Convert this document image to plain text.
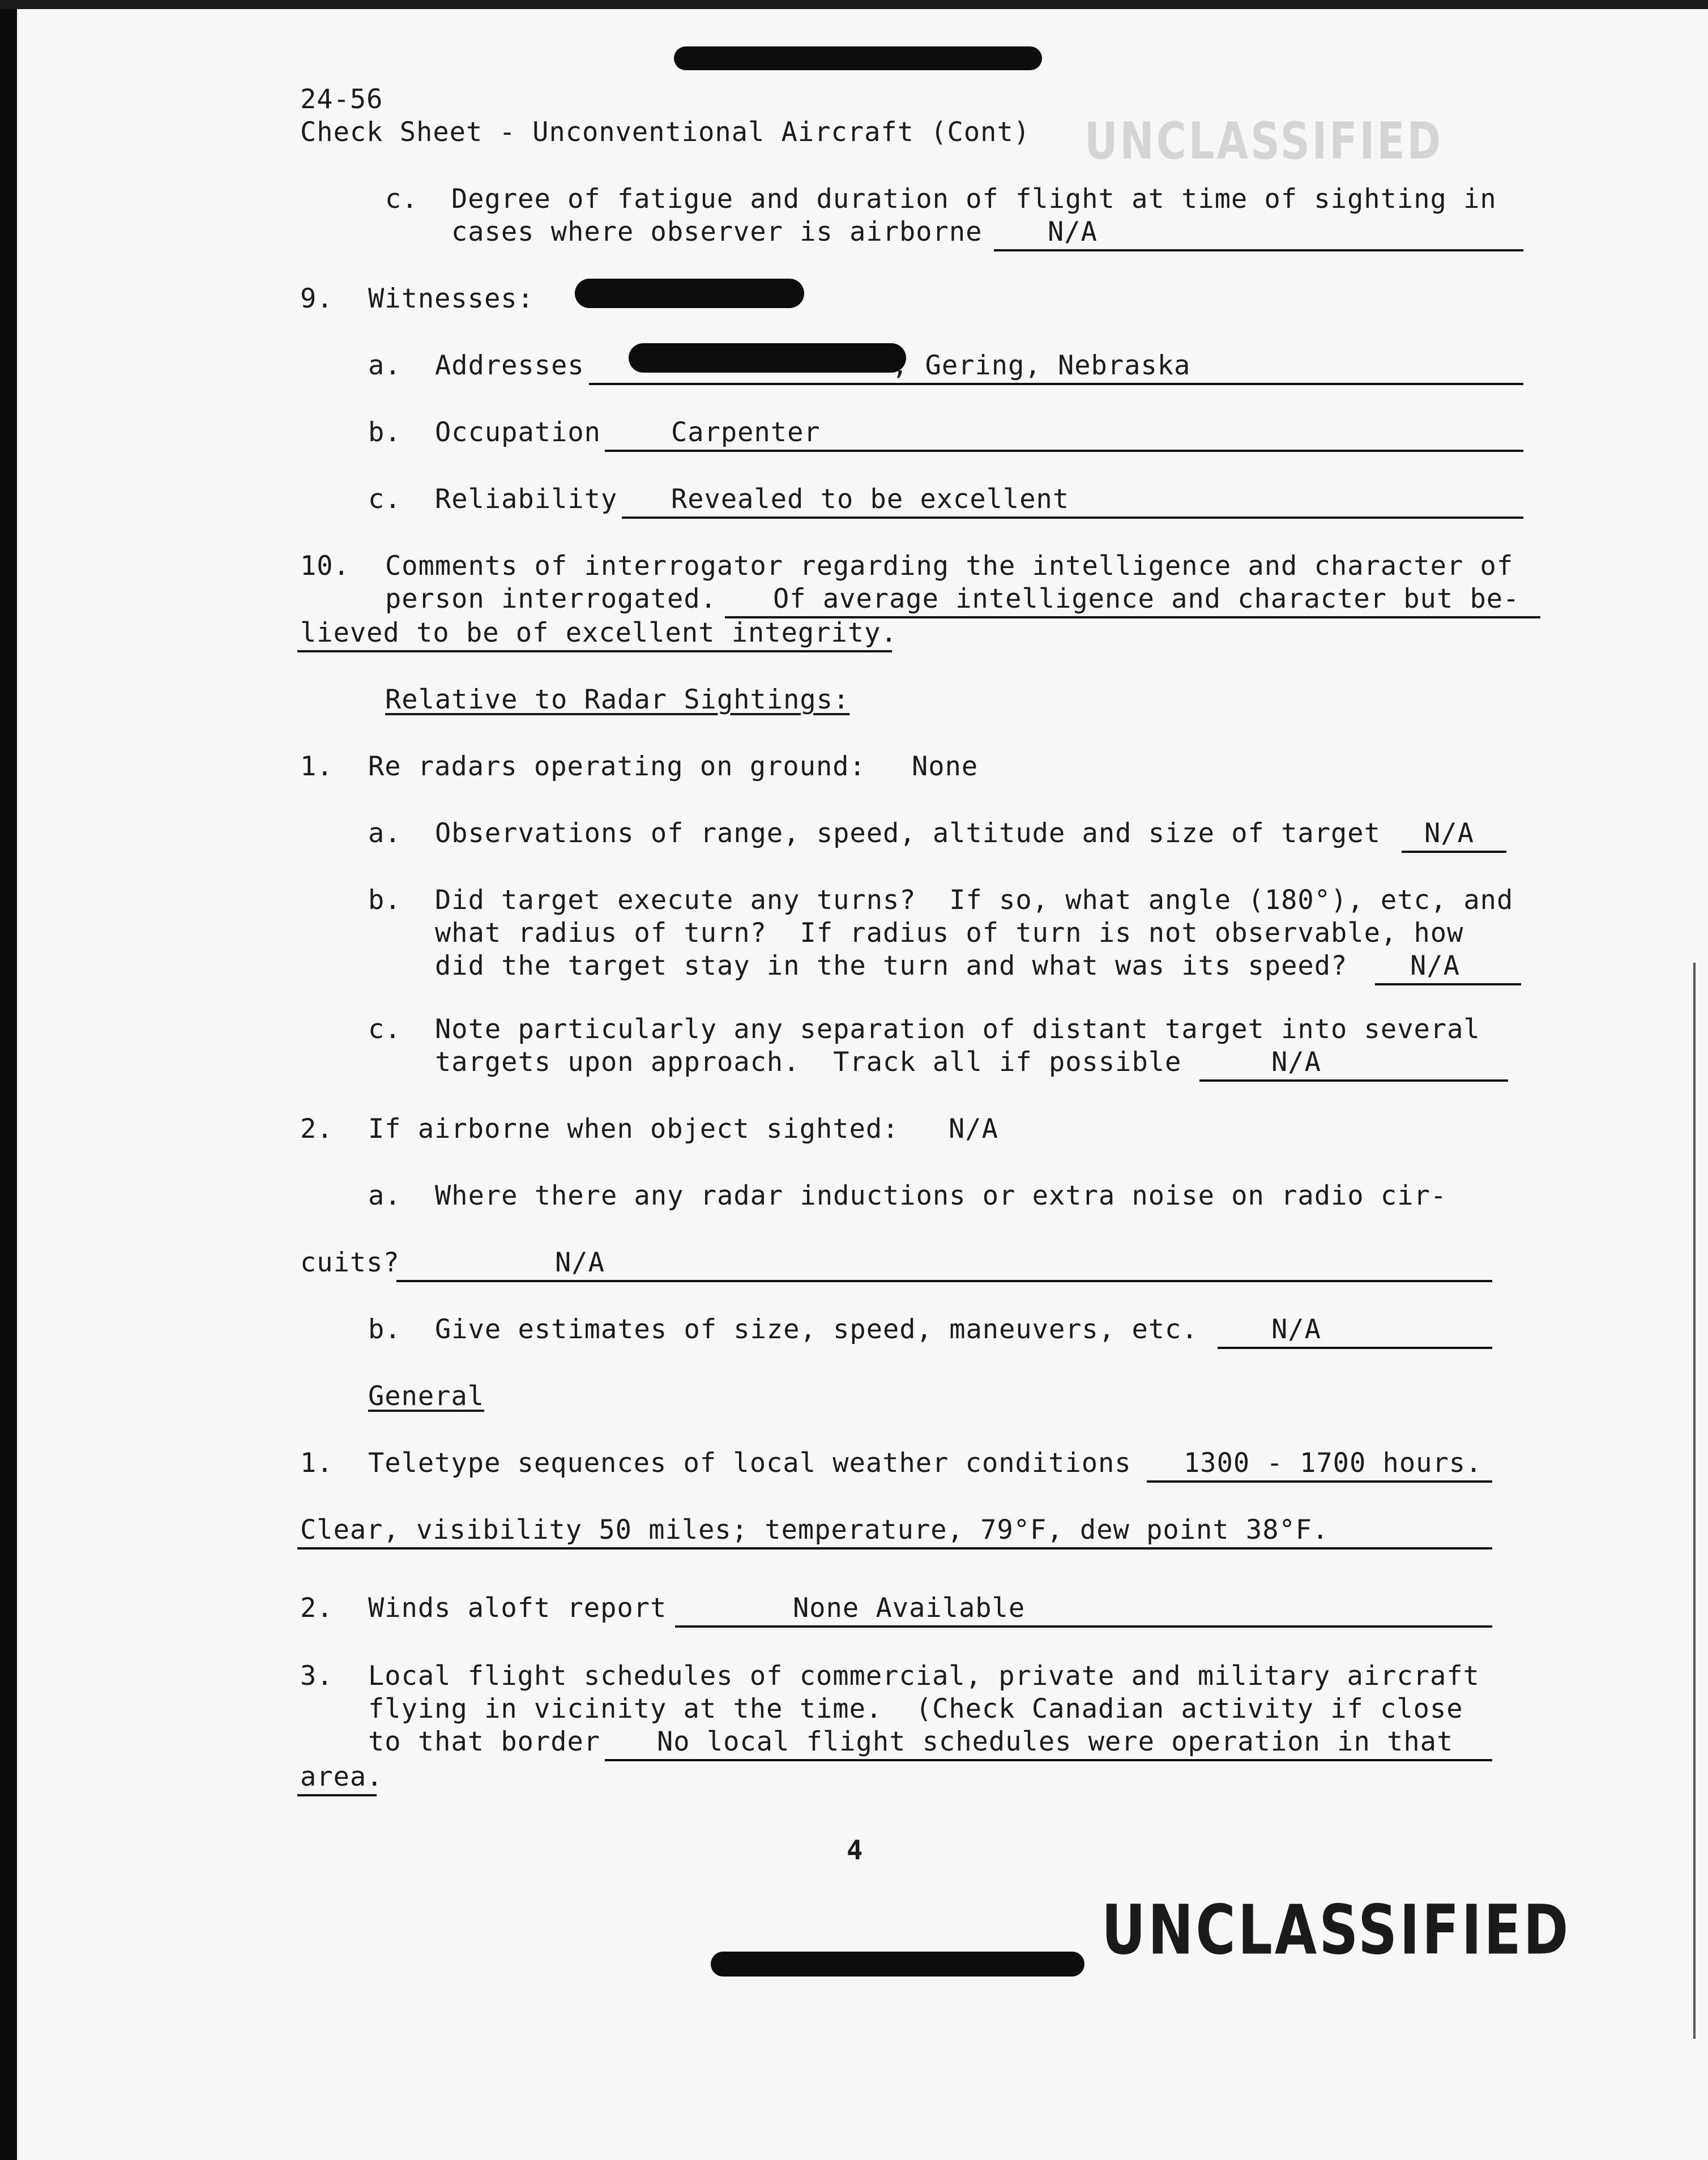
24-56
Check Sheet - Unconventional Aircraft (Cont) UNCLASSIFIED
c. Degree of fatigue and duration of flight at time of sighting in
cases where observer is airborne N/A
9. Witnesses:
a. Addresses	, Gering, Nebraska
b. Occupation	Carpenter
c. Reliability Revealed to be excellent
10. Comments of interrogator regarding the intelligence and character of
person interrogated. Of average intelligence and character but be-
lieved to be of excellent integrity.
Relative to Radar Sightings:
1. Re radars operating on ground: None
a. Observations of range, speed, altitude and size of target N/A
b. Did target execute any turns?  If so, what angle (180°), etc, and
what radius of turn?  If radius of turn is not observable, how
did the target stay in the turn and what was its speed? N/A
c. Note particularly any separation of distant target into several
targets upon approach.  Track all if possible	N/A
2. If airborne when object sighted: N/A
a. Where there any radar inductions or extra noise on radio cir-
cuits?	N/A
b. Give estimates of size, speed, maneuvers, etc.	N/A
General
1. Teletype sequences of local weather conditions 1300 - 1700 hours.
Clear, visibility 50 miles; temperature, 79°F, dew point 38°F.
2. Winds aloft report	None Available
3. Local flight schedules of commercial, private and military aircraft
flying in vicinity at the time.  (Check Canadian activity if close
to that border No local flight schedules were operation in that
area.
4
UNCLASSIFIED
